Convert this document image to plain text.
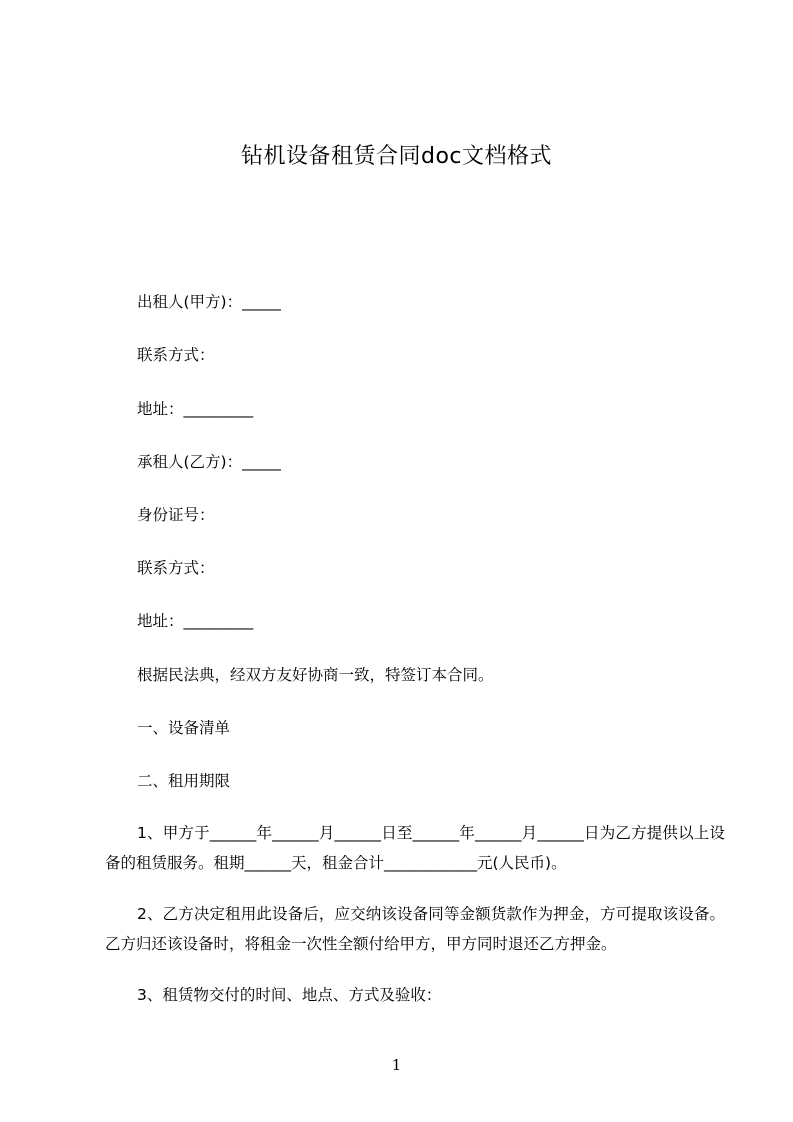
钻机设备租赁合同doc文档格式
出租人(甲方)：_____
联系方式：
地址：_________
承租人(乙方)：_____
身份证号：
联系方式：
地址：_________
根据民法典，经双方友好协商一致，特签订本合同。
一、设备清单
二、租用期限
1、甲方于______年______月______日至______年______月______日为乙方提供以上设备的租赁服务。租期______天，租金合计____________元(人民币)。
2、乙方决定租用此设备后，应交纳该设备同等金额货款作为押金，方可提取该设备。乙方归还该设备时，将租金一次性全额付给甲方，甲方同时退还乙方押金。
3、租赁物交付的时间、地点、方式及验收：
1
